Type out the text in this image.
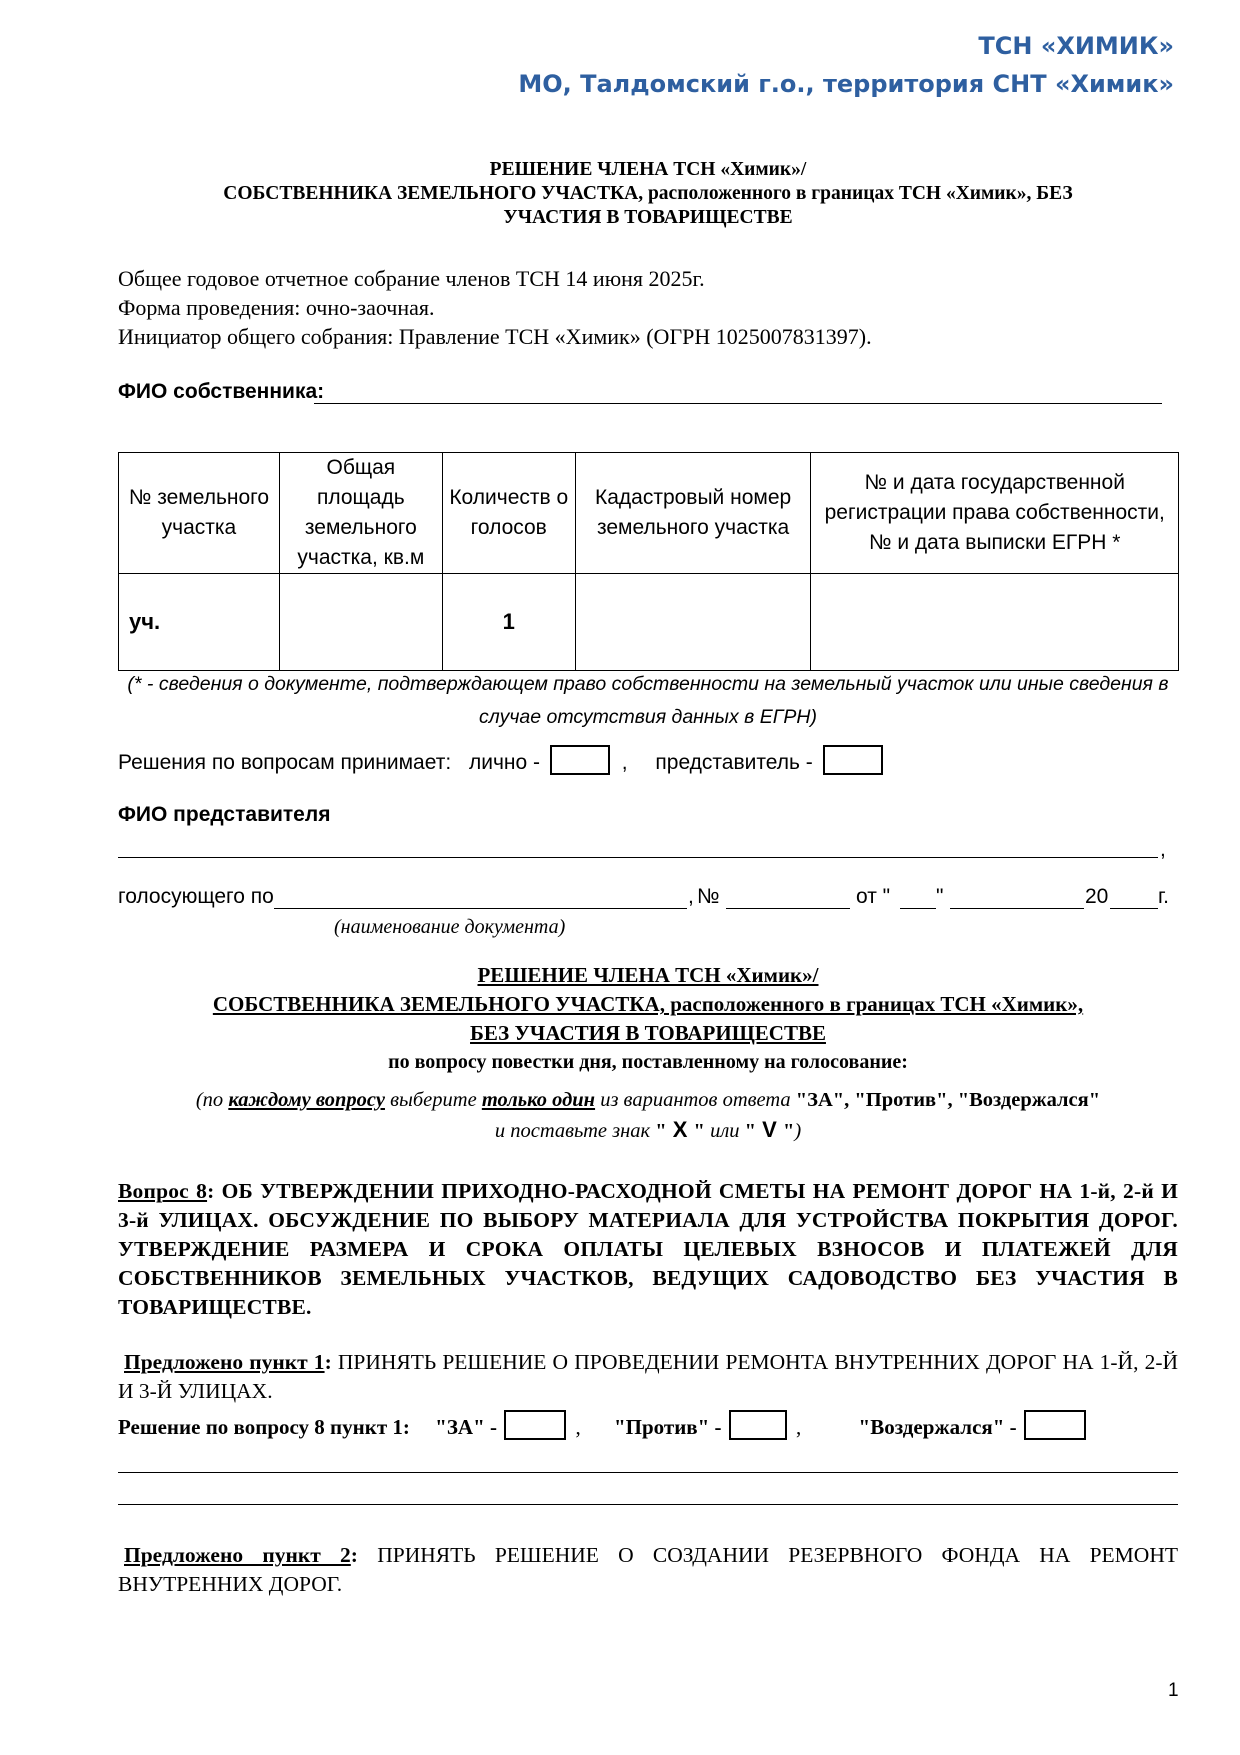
ТСН «ХИМИК»
МО, Талдомский г.о., территория СНТ «Химик»
РЕШЕНИЕ ЧЛЕНА ТСН «Химик»/
СОБСТВЕННИКА ЗЕМЕЛЬНОГО УЧАСТКА, расположенного в границах ТСН «Химик», БЕЗ
УЧАСТИЯ В ТОВАРИЩЕСТВЕ
Общее годовое отчетное собрание членов ТСН 14 июня 2025г.
Форма проведения: очно-заочная.
Инициатор общего собрания: Правление ТСН «Химик» (ОГРН 1025007831397).
ФИО собственника:
№ земельного участка	Общая площадь земельного участка, кв.м	Количеств о голосов	Кадастровый номер земельного участка	№ и дата государственной регистрации права собственности, № и дата выписки ЕГРН *
уч.		1		
(* - сведения о документе, подтверждающем право собственности на земельный участок или иные сведения в
случае отсутствия данных в ЕГРН)
Решения по вопросам принимает: лично -	, представитель -
ФИО представителя
,
голосующего по	, №	от " "	20 г.
(наименование документа)
РЕШЕНИЕ ЧЛЕНА ТСН «Химик»/
СОБСТВЕННИКА ЗЕМЕЛЬНОГО УЧАСТКА, расположенного в границах ТСН «Химик»,
БЕЗ УЧАСТИЯ В ТОВАРИЩЕСТВЕ
по вопросу повестки дня, поставленному на голосование:
(по каждому вопросу выберите только один из вариантов ответа "ЗА", "Против", "Воздержался"
и поставьте знак " X " или " V ")
Вопрос 8: ОБ УТВЕРЖДЕНИИ ПРИХОДНО-РАСХОДНОЙ СМЕТЫ НА РЕМОНТ ДОРОГ НА 1-й, 2-й И 3-й УЛИЦАХ. ОБСУЖДЕНИЕ ПО ВЫБОРУ МАТЕРИАЛА ДЛЯ УСТРОЙСТВА ПОКРЫТИЯ ДОРОГ. УТВЕРЖДЕНИЕ РАЗМЕРА И СРОКА ОПЛАТЫ ЦЕЛЕВЫХ ВЗНОСОВ И ПЛАТЕЖЕЙ ДЛЯ СОБСТВЕННИКОВ ЗЕМЕЛЬНЫХ УЧАСТКОВ, ВЕДУЩИХ САДОВОДСТВО БЕЗ УЧАСТИЯ В ТОВАРИЩЕСТВЕ.
Предложено пункт 1: ПРИНЯТЬ РЕШЕНИЕ О ПРОВЕДЕНИИ РЕМОНТА ВНУТРЕННИХ ДОРОГ НА 1-Й, 2-Й И 3-Й УЛИЦАХ.
Решение по вопросу 8 пункт 1: "ЗА" -	, "Против" -	,	"Воздержался" -
Предложено пункт 2: ПРИНЯТЬ РЕШЕНИЕ О СОЗДАНИИ РЕЗЕРВНОГО ФОНДА НА РЕМОНТ ВНУТРЕННИХ ДОРОГ.
1
